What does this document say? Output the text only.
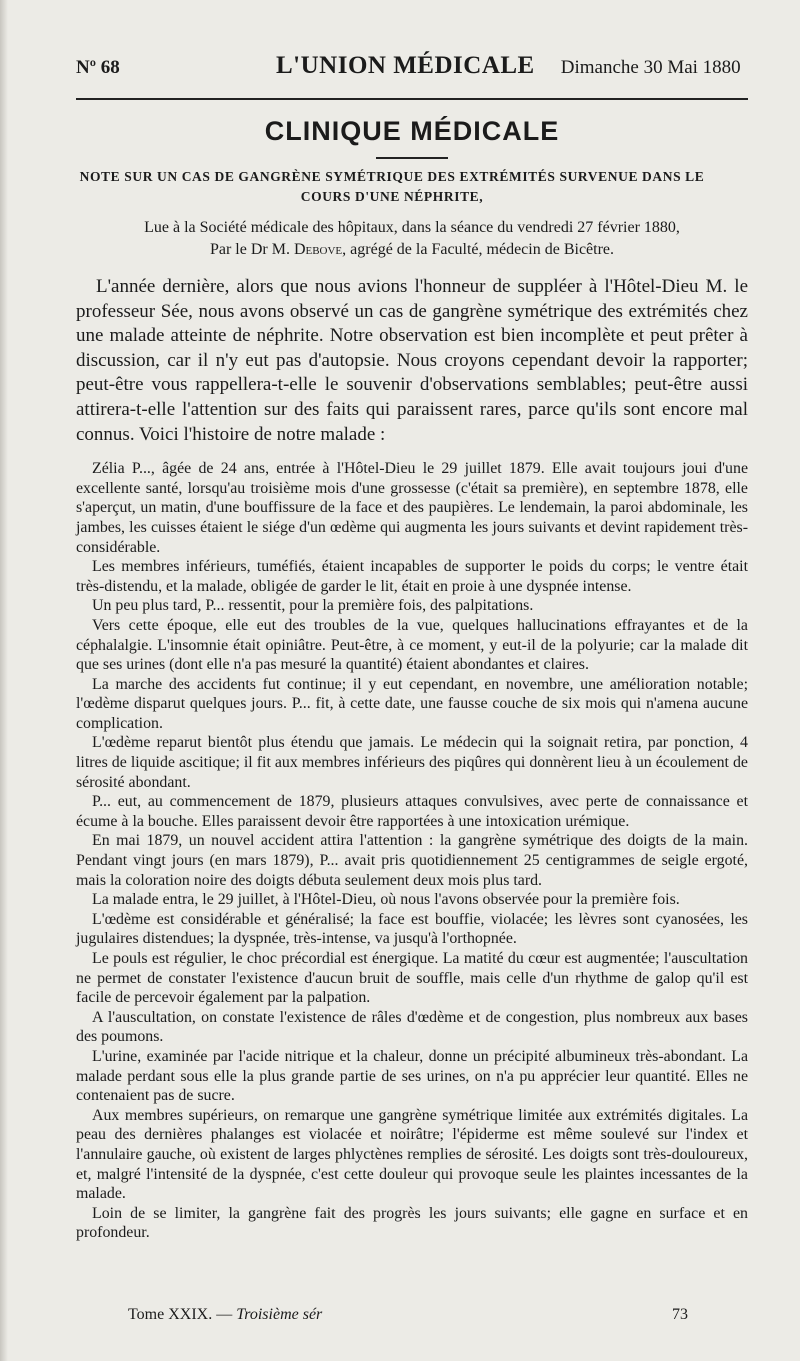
Nº 68	L'UNION MÉDICALE Dimanche 30 Mai 1880
CLINIQUE MÉDICALE
NOTE SUR UN CAS DE GANGRÈNE SYMÉTRIQUE DES EXTRÉMITÉS SURVENUE DANS LE
COURS D'UNE NÉPHRITE,
Lue à la Société médicale des hôpitaux, dans la séance du vendredi 27 février 1880,
Par le Dr M. Debove, agrégé de la Faculté, médecin de Bicêtre.

L'année dernière, alors que nous avions l'honneur de suppléer à l'Hôtel-Dieu M. le professeur Sée, nous avons observé un cas de gangrène symétrique des extrémités chez une malade atteinte de néphrite. Notre observation est bien incomplète et peut prêter à discussion, car il n'y eut pas d'autopsie. Nous croyons cependant devoir la rapporter; peut-être vous rappellera-t-elle le souvenir d'observations semblables; peut-être aussi attirera-t-elle l'attention sur des faits qui paraissent rares, parce qu'ils sont encore mal connus. Voici l'histoire de notre malade :

Zélia P..., âgée de 24 ans, entrée à l'Hôtel-Dieu le 29 juillet 1879. Elle avait toujours joui d'une excellente santé, lorsqu'au troisième mois d'une grossesse (c'était sa première), en septembre 1878, elle s'aperçut, un matin, d'une bouffissure de la face et des paupières. Le lendemain, la paroi abdominale, les jambes, les cuisses étaient le siége d'un œdème qui augmenta les jours suivants et devint rapidement très-considérable.

Les membres inférieurs, tuméfiés, étaient incapables de supporter le poids du corps; le ventre était très-distendu, et la malade, obligée de garder le lit, était en proie à une dyspnée intense.

Un peu plus tard, P... ressentit, pour la première fois, des palpitations.

Vers cette époque, elle eut des troubles de la vue, quelques hallucinations effrayantes et de la céphalalgie. L'insomnie était opiniâtre. Peut-être, à ce moment, y eut-il de la polyurie; car la malade dit que ses urines (dont elle n'a pas mesuré la quantité) étaient abondantes et claires.

La marche des accidents fut continue; il y eut cependant, en novembre, une amélioration notable; l'œdème disparut quelques jours. P... fit, à cette date, une fausse couche de six mois qui n'amena aucune complication.

L'œdème reparut bientôt plus étendu que jamais. Le médecin qui la soignait retira, par ponction, 4 litres de liquide ascitique; il fit aux membres inférieurs des piqûres qui donnèrent lieu à un écoulement de sérosité abondant.

P... eut, au commencement de 1879, plusieurs attaques convulsives, avec perte de connaissance et écume à la bouche. Elles paraissent devoir être rapportées à une intoxication urémique.

En mai 1879, un nouvel accident attira l'attention : la gangrène symétrique des doigts de la main. Pendant vingt jours (en mars 1879), P... avait pris quotidiennement 25 centigrammes de seigle ergoté, mais la coloration noire des doigts débuta seulement deux mois plus tard.

La malade entra, le 29 juillet, à l'Hôtel-Dieu, où nous l'avons observée pour la première fois.

L'œdème est considérable et généralisé; la face est bouffie, violacée; les lèvres sont cyanosées, les jugulaires distendues; la dyspnée, très-intense, va jusqu'à l'orthopnée.

Le pouls est régulier, le choc précordial est énergique. La matité du cœur est augmentée; l'auscultation ne permet de constater l'existence d'aucun bruit de souffle, mais celle d'un rhythme de galop qu'il est facile de percevoir également par la palpation.

A l'auscultation, on constate l'existence de râles d'œdème et de congestion, plus nombreux aux bases des poumons.

L'urine, examinée par l'acide nitrique et la chaleur, donne un précipité albumineux très-abondant. La malade perdant sous elle la plus grande partie de ses urines, on n'a pu apprécier leur quantité. Elles ne contenaient pas de sucre.

Aux membres supérieurs, on remarque une gangrène symétrique limitée aux extrémités digitales. La peau des dernières phalanges est violacée et noirâtre; l'épiderme est même soulevé sur l'index et l'annulaire gauche, où existent de larges phlyctènes remplies de sérosité. Les doigts sont très-douloureux, et, malgré l'intensité de la dyspnée, c'est cette douleur qui provoque seule les plaintes incessantes de la malade.

Loin de se limiter, la gangrène fait des progrès les jours suivants; elle gagne en surface et en profondeur.

Tome XXIX. — Troisième sér	73
